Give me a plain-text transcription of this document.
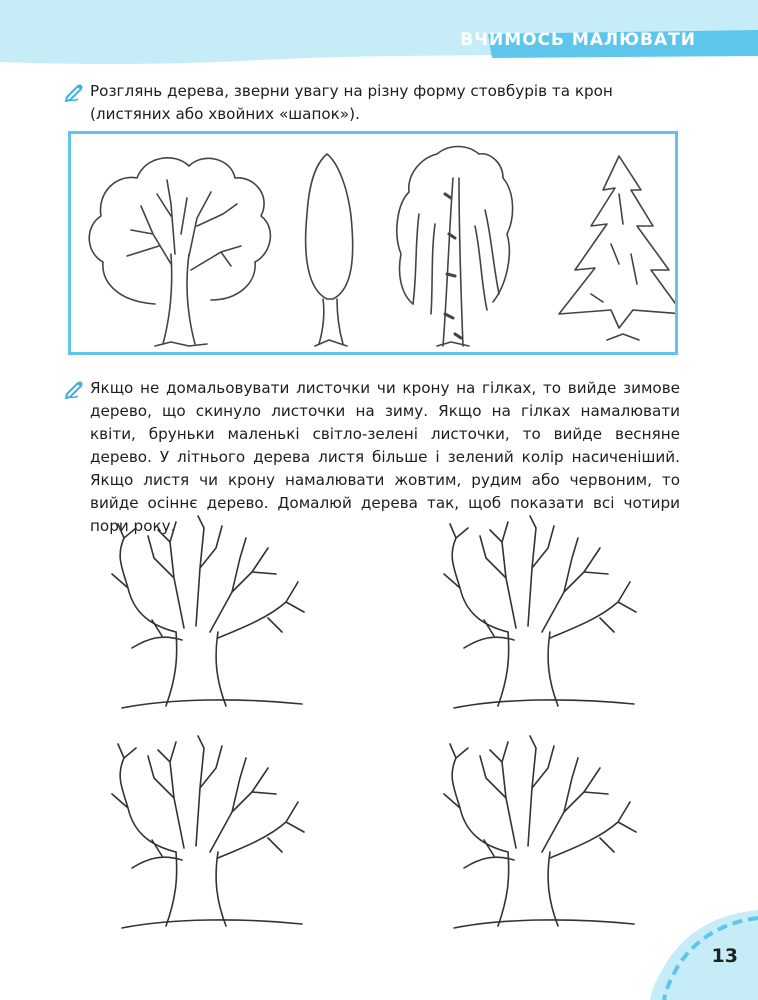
ВЧИМОСЬ МАЛЮВАТИ
Розглянь дерева, зверни увагу на різну форму стовбурів та крон (листяних або хвойних «шапок»).
Якщо не домальовувати листочки чи крону на гілках, то вийде зимове дерево, що скинуло листочки на зиму. Якщо на гілках намалювати квіти, бруньки маленькі світло-зелені листочки, то вийде весняне дерево. У літнього дерева листя більше і зелений колір насиченіший. Якщо листя чи крону намалювати жовтим, рудим або червоним, то вийде осіннє дерево. Домалюй дерева так, щоб показати всі чотири пори року.
13
